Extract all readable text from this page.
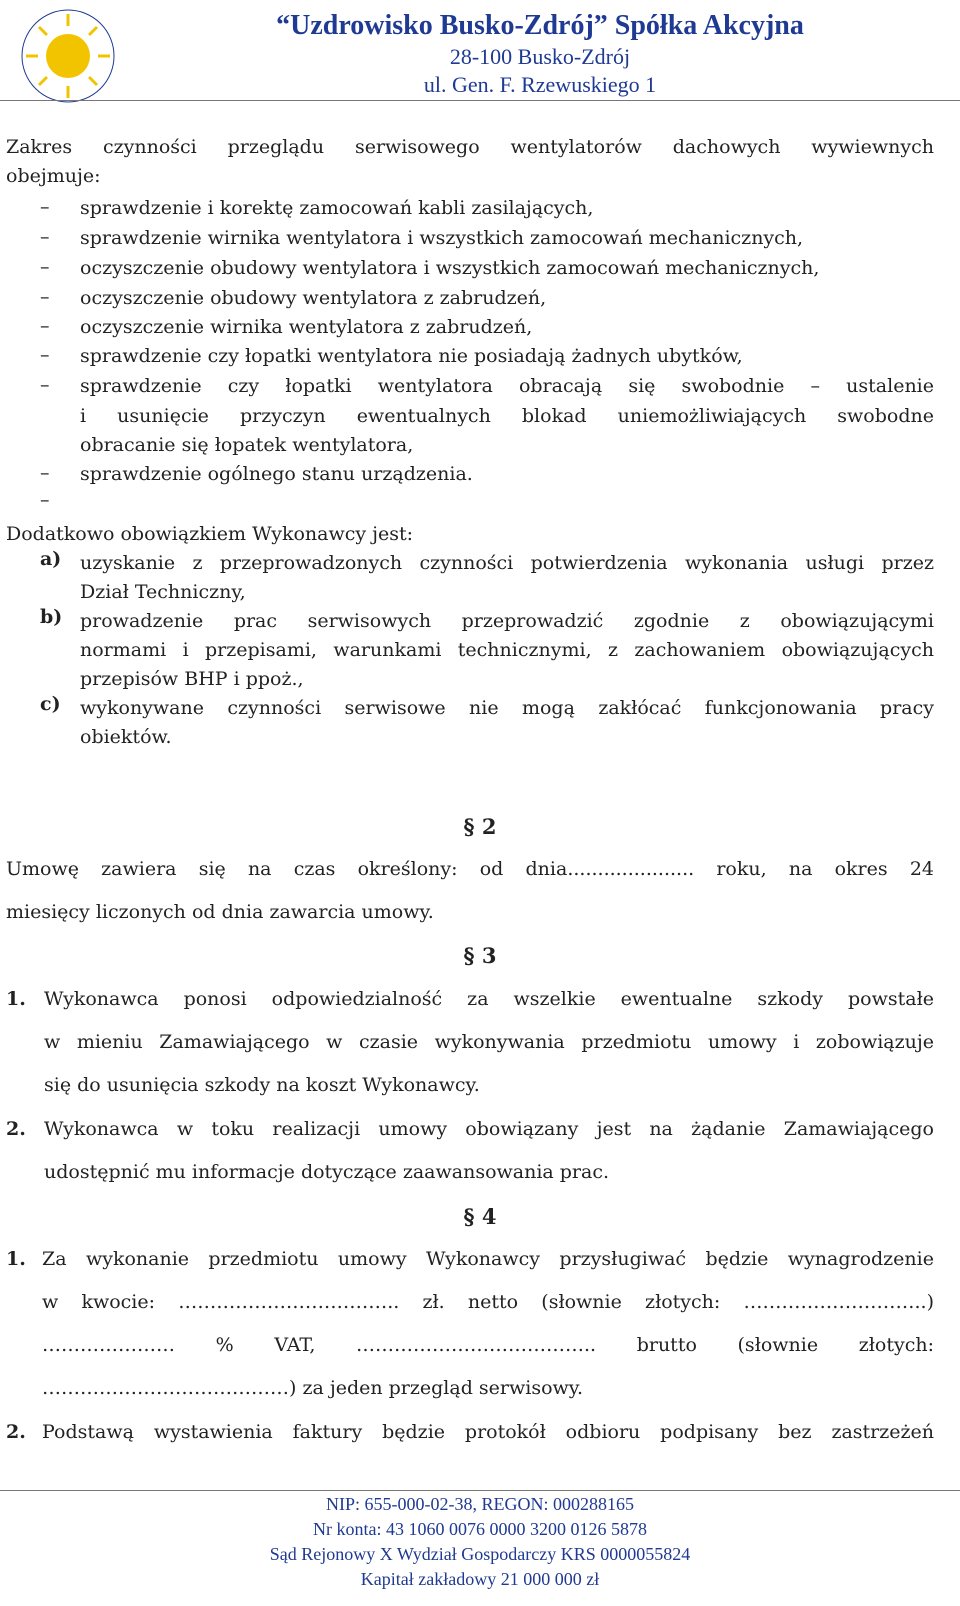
“Uzdrowisko Busko-Zdrój” Spółka Akcyjna
28-100 Busko-Zdrój
ul. Gen. F. Rzewuskiego 1
Zakres czynności przeglądu serwisowego wentylatorów dachowych wywiewnych
obejmuje:
– sprawdzenie i korektę zamocowań kabli zasilających,
– sprawdzenie wirnika wentylatora i wszystkich zamocowań mechanicznych,
– oczyszczenie obudowy wentylatora i wszystkich zamocowań mechanicznych,
– oczyszczenie obudowy wentylatora z zabrudzeń,
– oczyszczenie wirnika wentylatora z zabrudzeń,
– sprawdzenie czy łopatki wentylatora nie posiadają żadnych ubytków,
– sprawdzenie czy łopatki wentylatora obracają się swobodnie – ustalenie
i usunięcie przyczyn ewentualnych blokad uniemożliwiających swobodne
obracanie się łopatek wentylatora,
– sprawdzenie ogólnego stanu urządzenia.
–
Dodatkowo obowiązkiem Wykonawcy jest:
a) uzyskanie z przeprowadzonych czynności potwierdzenia wykonania usługi przez
Dział Techniczny,
b) prowadzenie prac serwisowych przeprowadzić zgodnie z obowiązującymi
normami i przepisami, warunkami technicznymi, z zachowaniem obowiązujących
przepisów BHP i ppoż.,
c) wykonywane czynności serwisowe nie mogą zakłócać funkcjonowania pracy
obiektów.
§ 2
Umowę zawiera się na czas określony: od dnia..................... roku, na okres 24
miesięcy liczonych od dnia zawarcia umowy.
§ 3
1. Wykonawca ponosi odpowiedzialność za wszelkie ewentualne szkody powstałe
w mieniu Zamawiającego w czasie wykonywania przedmiotu umowy i zobowiązuje
się do usunięcia szkody na koszt Wykonawcy.
2. Wykonawca w toku realizacji umowy obowiązany jest na żądanie Zamawiającego
udostępnić mu informacje dotyczące zaawansowania prac.
§ 4
1. Za wykonanie przedmiotu umowy Wykonawcy przysługiwać będzie wynagrodzenie
w kwocie: …………………………….. zł. netto (słownie złotych: ………………………..)
………………… % VAT, ……………………………….. brutto (słownie złotych:
…………………………………) za jeden przegląd serwisowy.
2. Podstawą wystawienia faktury będzie protokół odbioru podpisany bez zastrzeżeń
NIP: 655-000-02-38, REGON: 000288165
Nr konta: 43 1060 0076 0000 3200 0126 5878
Sąd Rejonowy X Wydział Gospodarczy KRS 0000055824
Kapitał zakładowy 21 000 000 zł
